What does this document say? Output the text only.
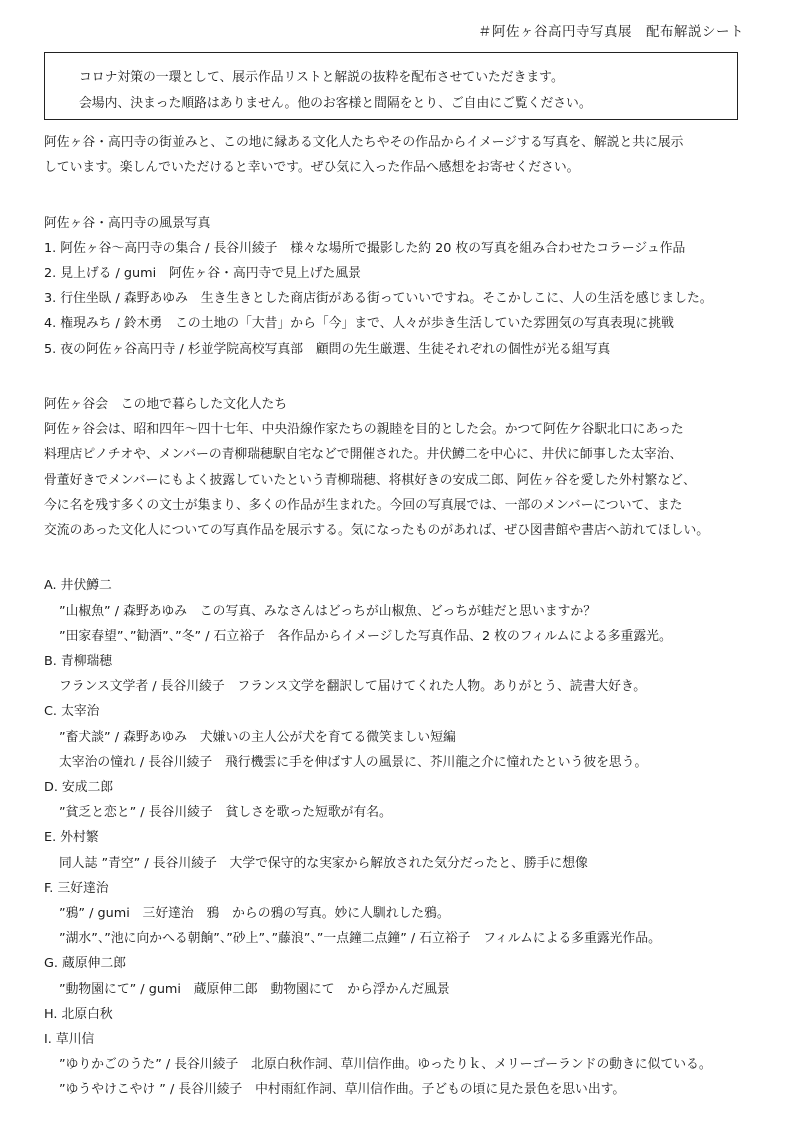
＃阿佐ヶ谷高円寺写真展　配布解説シート

コロナ対策の一環として、展示作品リストと解説の抜粋を配布させていただきます。

会場内、決まった順路はありません。他のお客様と間隔をとり、ご自由にご覧ください。

阿佐ヶ谷・高円寺の街並みと、この地に縁ある文化人たちやその作品からイメージする写真を、解説と共に展示

しています。楽しんでいただけると幸いです。ぜひ気に入った作品へ感想をお寄せください。

阿佐ヶ谷・高円寺の風景写真

1. 阿佐ヶ谷～高円寺の集合 / 長谷川綾子　様々な場所で撮影した約 20 枚の写真を組み合わせたコラージュ作品

2. 見上げる / gumi　阿佐ヶ谷・高円寺で見上げた風景

3. 行住坐臥 / 森野あゆみ　生き生きとした商店街がある街っていいですね。そこかしこに、人の生活を感じました。

4. 権現みち / 鈴木勇　この土地の「大昔」から「今」まで、人々が歩き生活していた雰囲気の写真表現に挑戦

5. 夜の阿佐ヶ谷高円寺 / 杉並学院高校写真部　顧問の先生厳選、生徒それぞれの個性が光る組写真

阿佐ヶ谷会　この地で暮らした文化人たち

阿佐ヶ谷会は、昭和四年～四十七年、中央沿線作家たちの親睦を目的とした会。かつて阿佐ケ谷駅北口にあった

料理店ピノチオや、メンバーの青柳瑞穂駅自宅などで開催された。井伏鱒二を中心に、井伏に師事した太宰治、

骨董好きでメンバーにもよく披露していたという青柳瑞穂、将棋好きの安成二郎、阿佐ヶ谷を愛した外村繁など、

今に名を残す多くの文士が集まり、多くの作品が生まれた。今回の写真展では、一部のメンバーについて、また

交流のあった文化人についての写真作品を展示する。気になったものがあれば、ぜひ図書館や書店へ訪れてほしい。

A. 井伏鱒二

”山椒魚” / 森野あゆみ　この写真、みなさんはどっちが山椒魚、どっちが蛙だと思いますか？

”田家春望”、”勧酒”、”冬” / 石立裕子　各作品からイメージした写真作品、2 枚のフィルムによる多重露光。

B. 青柳瑞穂

フランス文学者 / 長谷川綾子　フランス文学を翻訳して届けてくれた人物。ありがとう、読書大好き。

C. 太宰治

”畜犬談” / 森野あゆみ　犬嫌いの主人公が犬を育てる微笑ましい短編

太宰治の憧れ / 長谷川綾子　飛行機雲に手を伸ばす人の風景に、芥川龍之介に憧れたという彼を思う。

D. 安成二郎

”貧乏と恋と” / 長谷川綾子　貧しさを歌った短歌が有名。

E. 外村繁

同人誌 ”青空” / 長谷川綾子　大学で保守的な実家から解放された気分だったと、勝手に想像

F. 三好達治

”鴉” / gumi　三好達治　鴉　からの鴉の写真。妙に人馴れした鴉。

”湖水”、”池に向かへる朝餉”、”砂上”、”藤浪”、”一点鐘二点鐘” / 石立裕子　フィルムによる多重露光作品。

G. 蔵原伸二郎

”動物園にて” / gumi　蔵原伸二郎　動物園にて　から浮かんだ風景

H. 北原白秋

I. 草川信

”ゆりかごのうた” / 長谷川綾子　北原白秋作詞、草川信作曲。ゆったりｋ、メリーゴーランドの動きに似ている。

”ゆうやけこやけ ” / 長谷川綾子　中村雨紅作詞、草川信作曲。子どもの頃に見た景色を思い出す。
